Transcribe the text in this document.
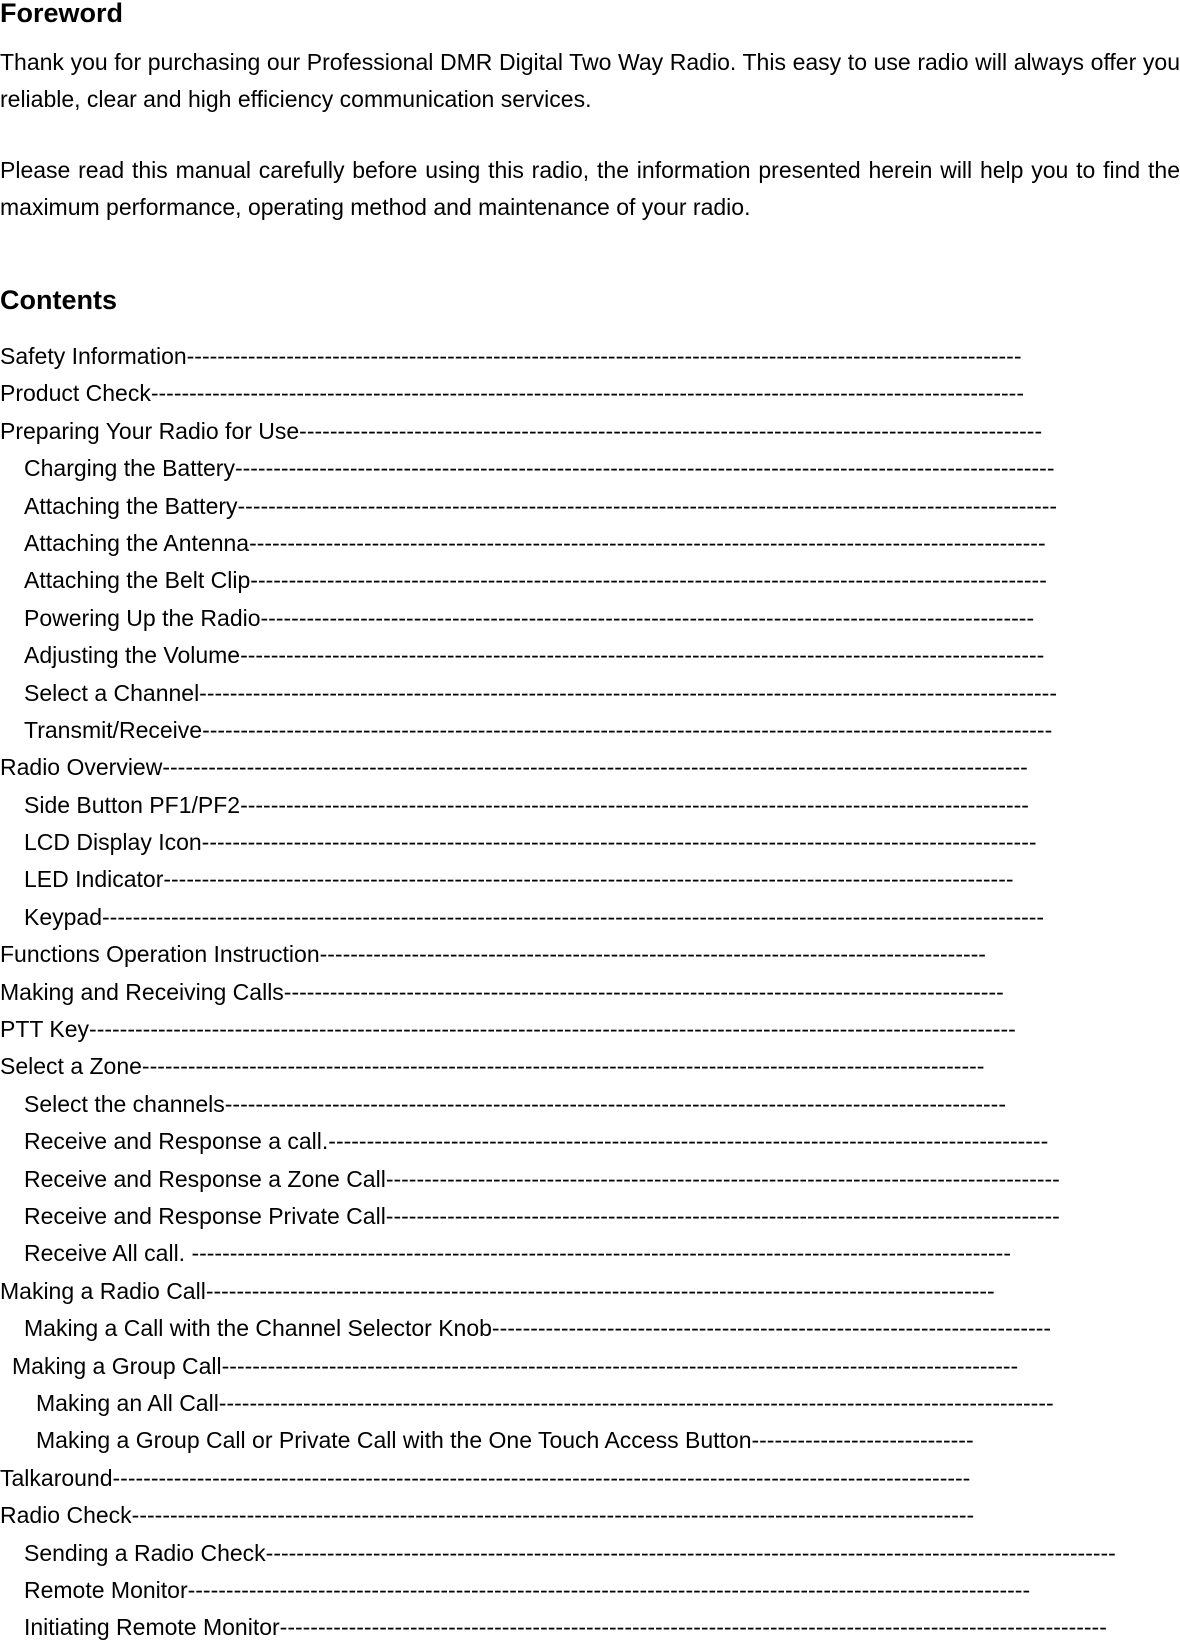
Foreword

Thank you for purchasing our Professional DMR Digital Two Way Radio. This easy to use radio will always offer you reliable, clear and high efficiency communication services.

Please read this manual carefully before using this radio, the information presented herein will help you to find the maximum performance, operating method and maintenance of your radio.

Contents
Safety Information-------------------------------------------------------------------------------------------------------------
Product Check------------------------------------------------------------------------------------------------------------------
Preparing Your Radio for Use-------------------------------------------------------------------------------------------------
Charging the Battery-----------------------------------------------------------------------------------------------------------
Attaching the Battery-----------------------------------------------------------------------------------------------------------
Attaching the Antenna--------------------------------------------------------------------------------------------------------
Attaching the Belt Clip--------------------------------------------------------------------------------------------------------
Powering Up the Radio-----------------------------------------------------------------------------------------------------
Adjusting the Volume---------------------------------------------------------------------------------------------------------
Select a Channel----------------------------------------------------------------------------------------------------------------
Transmit/Receive---------------------------------------------------------------------------------------------------------------
Radio Overview-----------------------------------------------------------------------------------------------------------------
Side Button PF1/PF2-------------------------------------------------------------------------------------------------------
LCD Display Icon-------------------------------------------------------------------------------------------------------------
LED Indicator---------------------------------------------------------------------------------------------------------------
Keypad---------------------------------------------------------------------------------------------------------------------------
Functions Operation Instruction---------------------------------------------------------------------------------------
Making and Receiving Calls----------------------------------------------------------------------------------------------
PTT Key-------------------------------------------------------------------------------------------------------------------------
Select a Zone--------------------------------------------------------------------------------------------------------------
Select the channels------------------------------------------------------------------------------------------------------
Receive and Response a call.----------------------------------------------------------------------------------------------
Receive and Response a Zone Call----------------------------------------------------------------------------------------
Receive and Response Private Call----------------------------------------------------------------------------------------
Receive All call. -----------------------------------------------------------------------------------------------------------
Making a Radio Call-------------------------------------------------------------------------------------------------------
Making a Call with the Channel Selector Knob-------------------------------------------------------------------------
Making a Group Call--------------------------------------------------------------------------------------------------------
Making an All Call-------------------------------------------------------------------------------------------------------------
Making a Group Call or Private Call with the One Touch Access Button-----------------------------
Talkaround----------------------------------------------------------------------------------------------------------------
Radio Check--------------------------------------------------------------------------------------------------------------
Sending a Radio Check---------------------------------------------------------------------------------------------------------------
Remote Monitor--------------------------------------------------------------------------------------------------------------
Initiating Remote Monitor------------------------------------------------------------------------------------------------------------
